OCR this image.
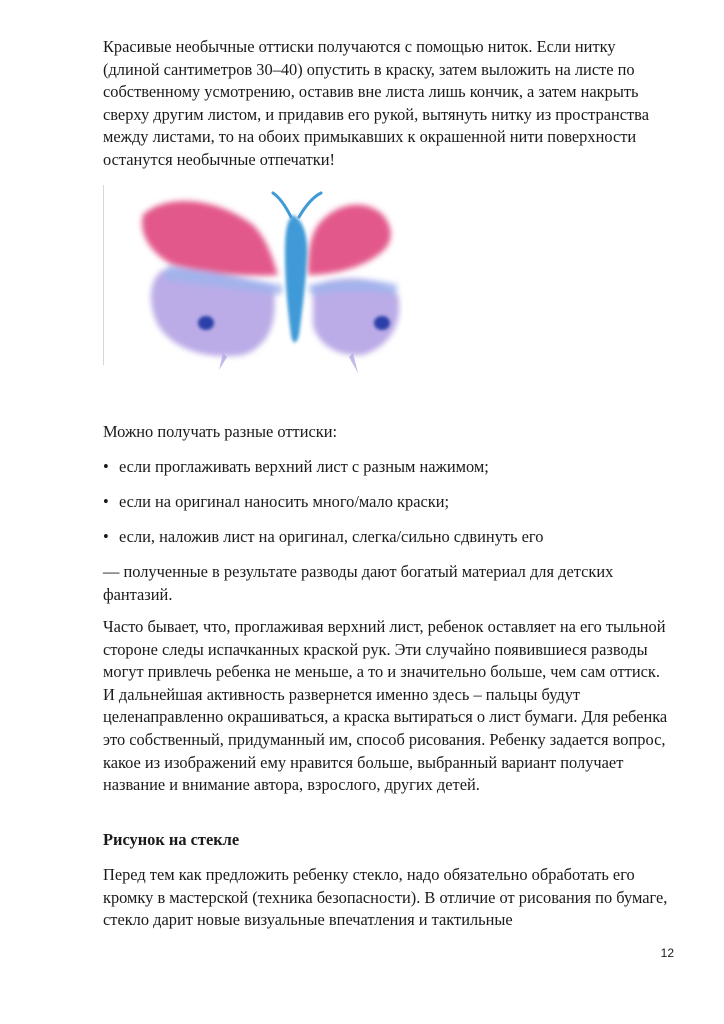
Красивые необычные оттиски получаются с помощью ниток. Если нитку (длиной сантиметров 30–40) опустить в краску, затем выложить на листе по собственному усмотрению, оставив вне листа лишь кончик, а затем накрыть сверху другим листом, и придавив его рукой, вытянуть нитку из пространства между листами, то на обоих примыкавших к окрашенной нити поверхности останутся необычные отпечатки!

Можно получать разные оттиски:

• если проглаживать верхний лист с разным нажимом;

• если на оригинал наносить много/мало краски;

• если, наложив лист на оригинал, слегка/сильно сдвинуть его

— полученные в результате разводы дают богатый материал для детских фантазий.

Часто бывает, что, проглаживая верхний лист, ребенок оставляет на его тыльной стороне следы испачканных краской рук. Эти случайно появившиеся разводы могут привлечь ребенка не меньше, а то и значительно больше, чем сам оттиск. И дальнейшая активность развернется именно здесь – пальцы будут целенаправленно окрашиваться, а краска вытираться о лист бумаги. Для ребенка это собственный, придуманный им, способ рисования. Ребенку задается вопрос, какое из изображений ему нравится больше, выбранный вариант получает название и внимание автора, взрослого, других детей.

Рисунок на стекле

Перед тем как предложить ребенку стекло, надо обязательно обработать его кромку в мастерской (техника безопасности). В отличие от рисования по бумаге, стекло дарит новые визуальные впечатления и тактильные

12
